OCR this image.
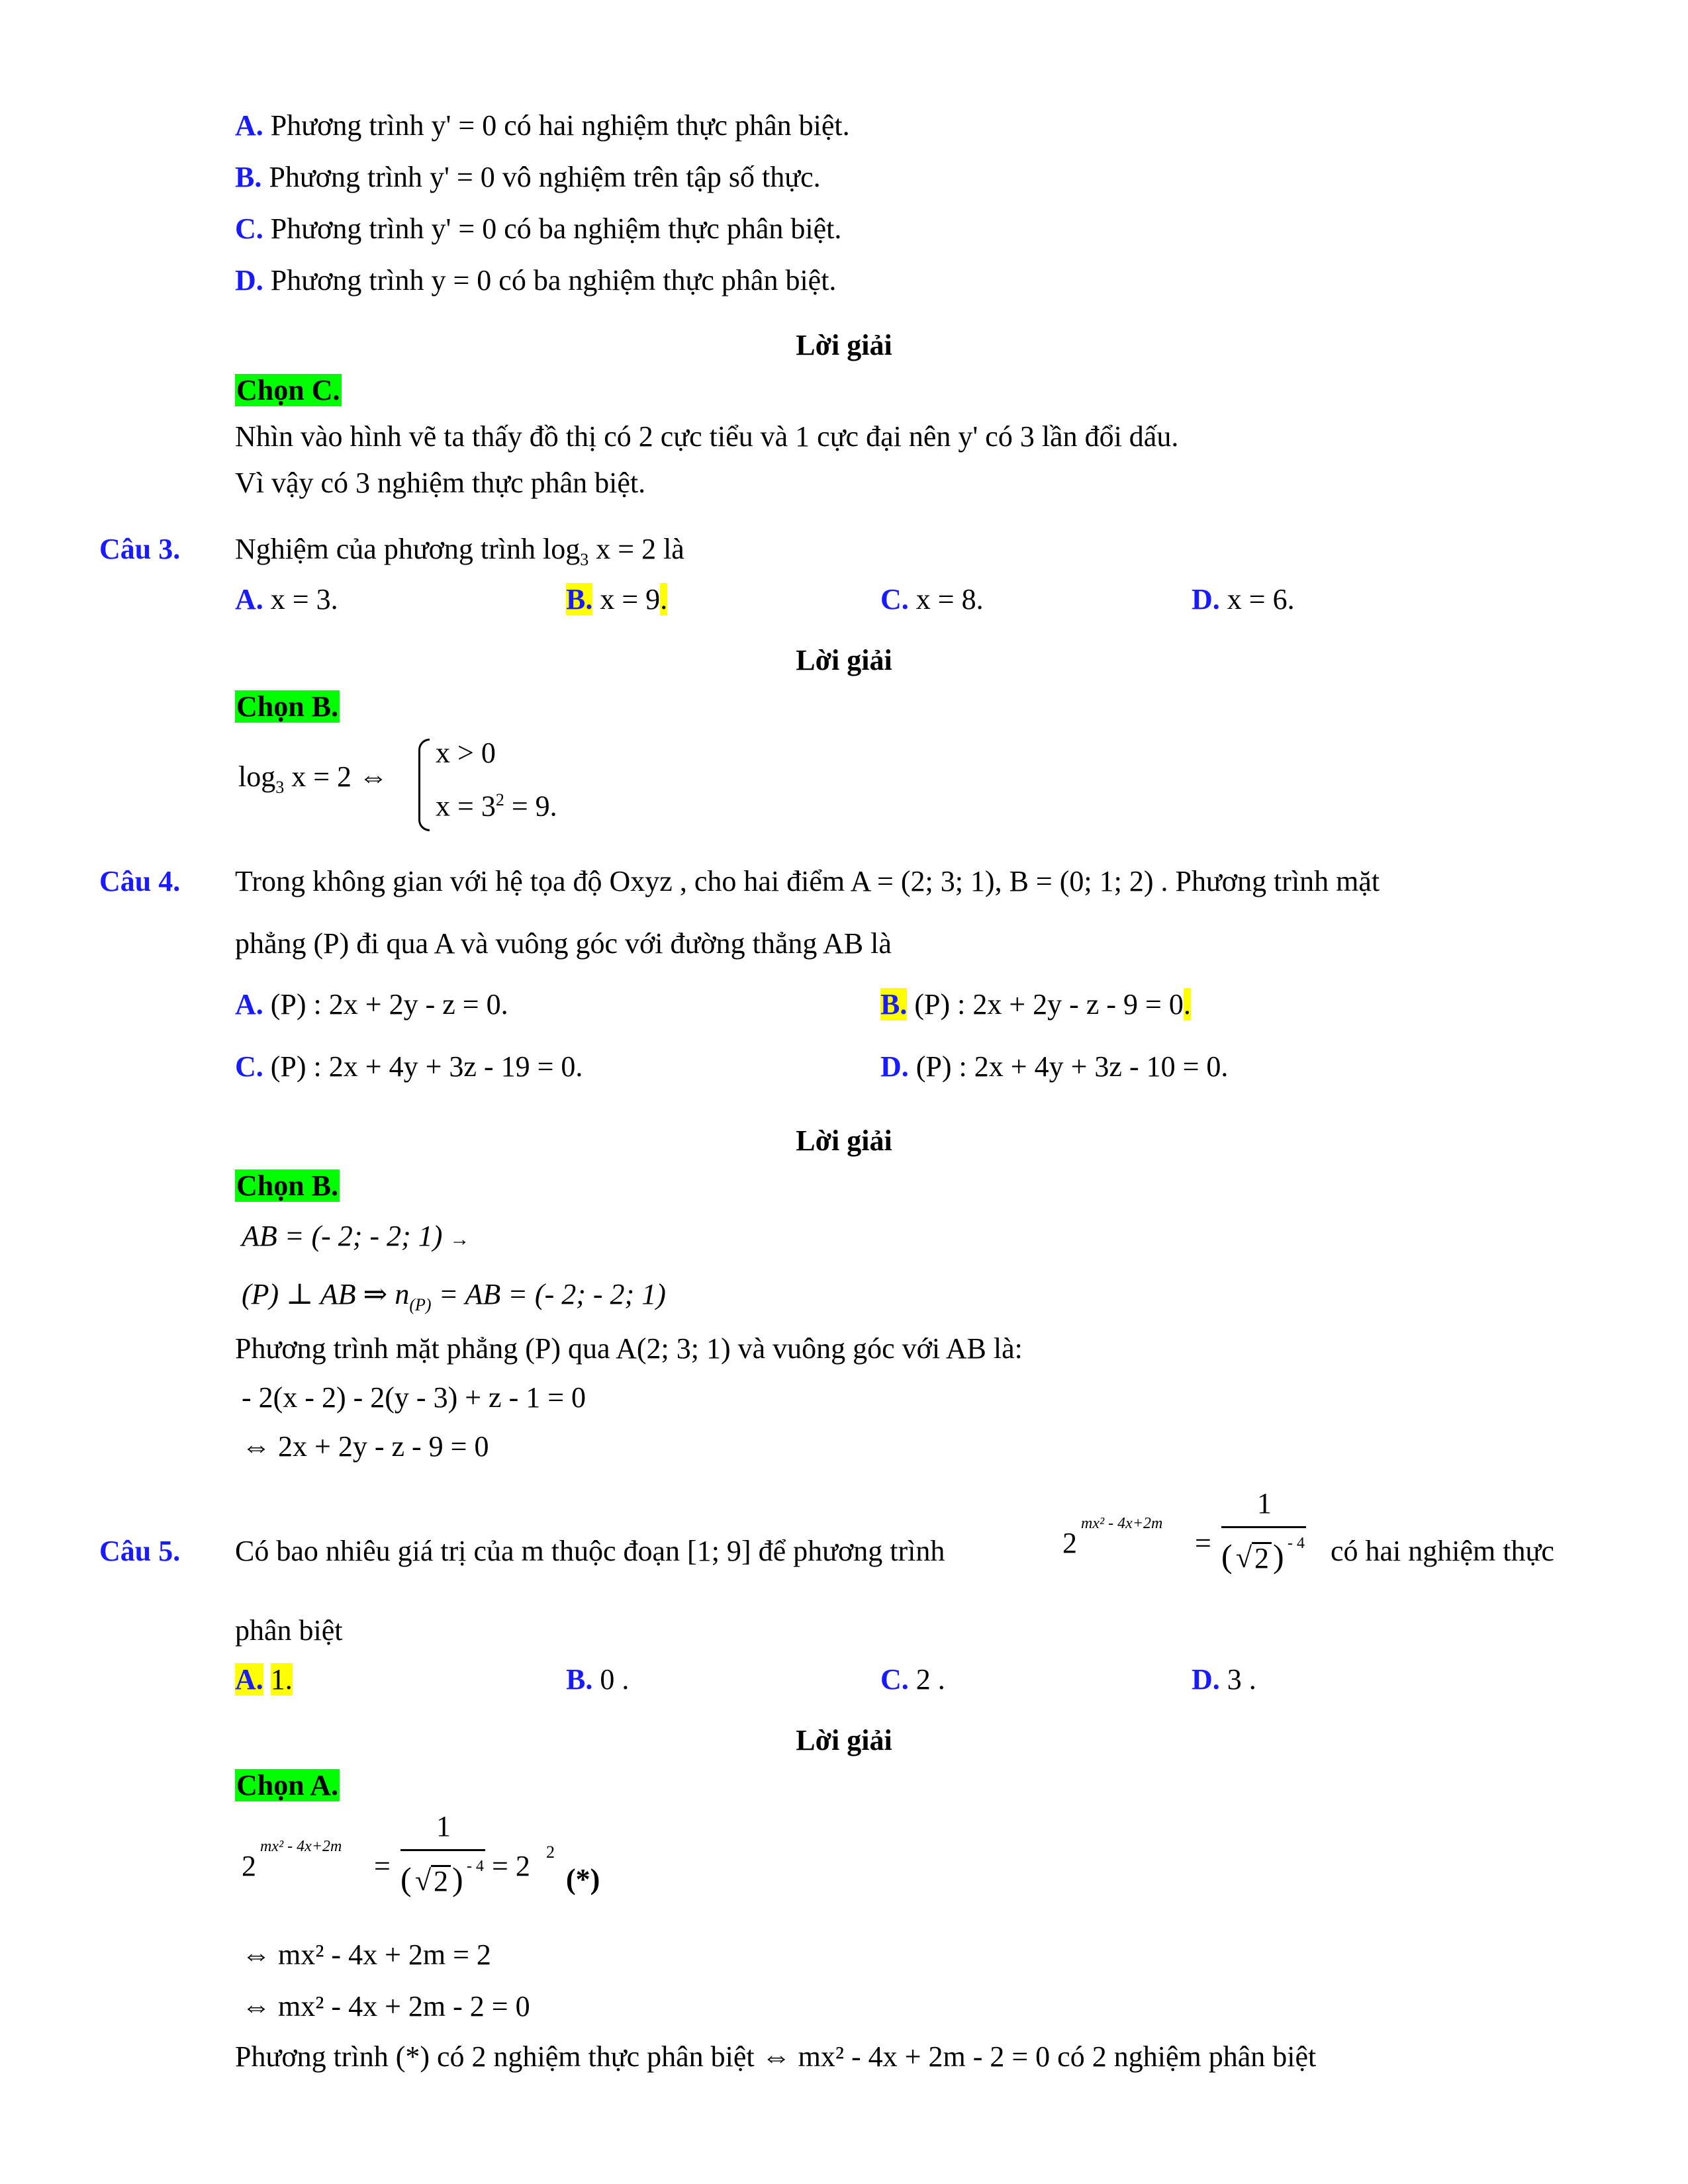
A. Phương trình y' = 0 có hai nghiệm thực phân biệt.
B. Phương trình y' = 0 vô nghiệm trên tập số thực.
C. Phương trình y' = 0 có ba nghiệm thực phân biệt.
D. Phương trình y = 0 có ba nghiệm thực phân biệt.
Lời giải
Chọn C.
Nhìn vào hình vẽ ta thấy đồ thị có 2 cực tiểu và 1 cực đại nên y' có 3 lần đổi dấu.
Vì vậy có 3 nghiệm thực phân biệt.
Câu 3. Nghiệm của phương trình $\log_3 x = 2$ là
A. x = 3.	B. x = 9.	C. x = 8.	D. x = 6.
Lời giải
Chọn B.
$\log_3 x = 2$ ⇔
x > 0
$x = 3^2 = 9$.
Câu 4. Trong không gian với hệ tọa độ Oxyz , cho hai điểm A = (2; 3; 1), B = (0; 1; 2) . Phương trình mặt
phẳng (P) đi qua A và vuông góc với đường thẳng AB là
A. (P) : 2x + 2y - z = 0.	B. (P) : 2x + 2y - z - 9 = 0.
C. (P) : 2x + 4y + 3z - 19 = 0.	D. (P) : 2x + 4y + 3z - 10 = 0.
Lời giải
Chọn B.
AB = (- 2; - 2; 1) →
(P) ⊥ AB ⇒ $n_{(P)}$ = AB = (- 2; - 2; 1)
Phương trình mặt phẳng (P) qua A(2; 3; 1) và vuông góc với AB là:
- 2(x - 2) - 2(y - 3) + z - 1 = 0
⇔ 2x + 2y - z - 9 = 0
Câu 5. Có bao nhiêu giá trị của m thuộc đoạn [1; 9] để phương trình	2
mx² - 4x+2m
=
1
( √ 2 ) - 4 có hai nghiệm thực
phân biệt
A. 1.	B. 0 .	C. 2 .	D. 3 .
Lời giải
Chọn A.
2
mx² - 4x+2m
=
1
( √ 2 ) - 4 = 2 2
(*)
⇔ mx² - 4x + 2m = 2
⇔ mx² - 4x + 2m - 2 = 0
Phương trình (*) có 2 nghiệm thực phân biệt ⇔ mx² - 4x + 2m - 2 = 0 có 2 nghiệm phân biệt
